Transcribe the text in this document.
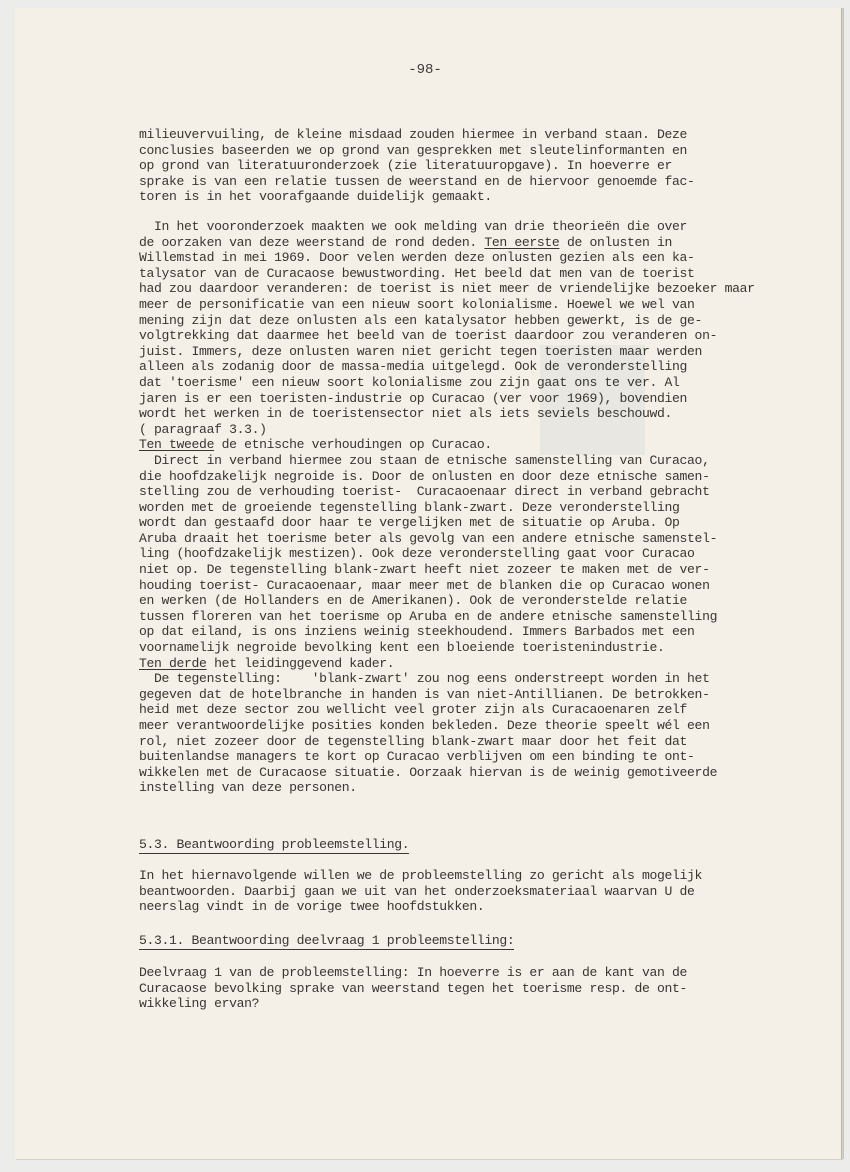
-98-
milieuvervuiling, de kleine misdaad zouden hiermee in verband staan. Deze
conclusies baseerden we op grond van gesprekken met sleutelinformanten en
op grond van literatuuronderzoek (zie literatuuropgave). In hoeverre er
sprake is van een relatie tussen de weerstand en de hiervoor genoemde fac-
toren is in het voorafgaande duidelijk gemaakt.
In het vooronderzoek maakten we ook melding van drie theorieën die over
de oorzaken van deze weerstand de rond deden. Ten eerste de onlusten in
Willemstad in mei 1969. Door velen werden deze onlusten gezien als een ka-
talysator van de Curacaose bewustwording. Het beeld dat men van de toerist
had zou daardoor veranderen: de toerist is niet meer de vriendelijke bezoeker maar
meer de personificatie van een nieuw soort kolonialisme. Hoewel we wel van
mening zijn dat deze onlusten als een katalysator hebben gewerkt, is de ge-
volgtrekking dat daarmee het beeld van de toerist daardoor zou veranderen on-
juist. Immers, deze onlusten waren niet gericht tegen toeristen maar werden
alleen als zodanig door de massa-media uitgelegd. Ook de veronderstelling
dat 'toerisme' een nieuw soort kolonialisme zou zijn gaat ons te ver. Al
jaren is er een toeristen-industrie op Curacao (ver voor 1969), bovendien
wordt het werken in de toeristensector niet als iets seviels beschouwd.
( paragraaf 3.3.)
Ten tweede de etnische verhoudingen op Curacao.
Direct in verband hiermee zou staan de etnische samenstelling van Curacao,
die hoofdzakelijk negroide is. Door de onlusten en door deze etnische samen-
stelling zou de verhouding toerist-  Curacaoenaar direct in verband gebracht
worden met de groeiende tegenstelling blank-zwart. Deze veronderstelling
wordt dan gestaafd door haar te vergelijken met de situatie op Aruba. Op
Aruba draait het toerisme beter als gevolg van een andere etnische samenstel-
ling (hoofdzakelijk mestizen). Ook deze veronderstelling gaat voor Curacao
niet op. De tegenstelling blank-zwart heeft niet zozeer te maken met de ver-
houding toerist- Curacaoenaar, maar meer met de blanken die op Curacao wonen
en werken (de Hollanders en de Amerikanen). Ook de veronderstelde relatie
tussen floreren van het toerisme op Aruba en de andere etnische samenstelling
op dat eiland, is ons inziens weinig steekhoudend. Immers Barbados met een
voornamelijk negroide bevolking kent een bloeiende toeristenindustrie.
Ten derde het leidinggevend kader.
De tegenstelling:    'blank-zwart' zou nog eens onderstreept worden in het
gegeven dat de hotelbranche in handen is van niet-Antillianen. De betrokken-
heid met deze sector zou wellicht veel groter zijn als Curacaoenaren zelf
meer verantwoordelijke posities konden bekleden. Deze theorie speelt wél een
rol, niet zozeer door de tegenstelling blank-zwart maar door het feit dat
buitenlandse managers te kort op Curacao verblijven om een binding te ont-
wikkelen met de Curacaose situatie. Oorzaak hiervan is de weinig gemotiveerde
instelling van deze personen.
5.3. Beantwoording probleemstelling.
In het hiernavolgende willen we de probleemstelling zo gericht als mogelijk
beantwoorden. Daarbij gaan we uit van het onderzoeksmateriaal waarvan U de
neerslag vindt in de vorige twee hoofdstukken.
5.3.1. Beantwoording deelvraag 1 probleemstelling:
Deelvraag 1 van de probleemstelling: In hoeverre is er aan de kant van de
Curacaose bevolking sprake van weerstand tegen het toerisme resp. de ont-
wikkeling ervan?
